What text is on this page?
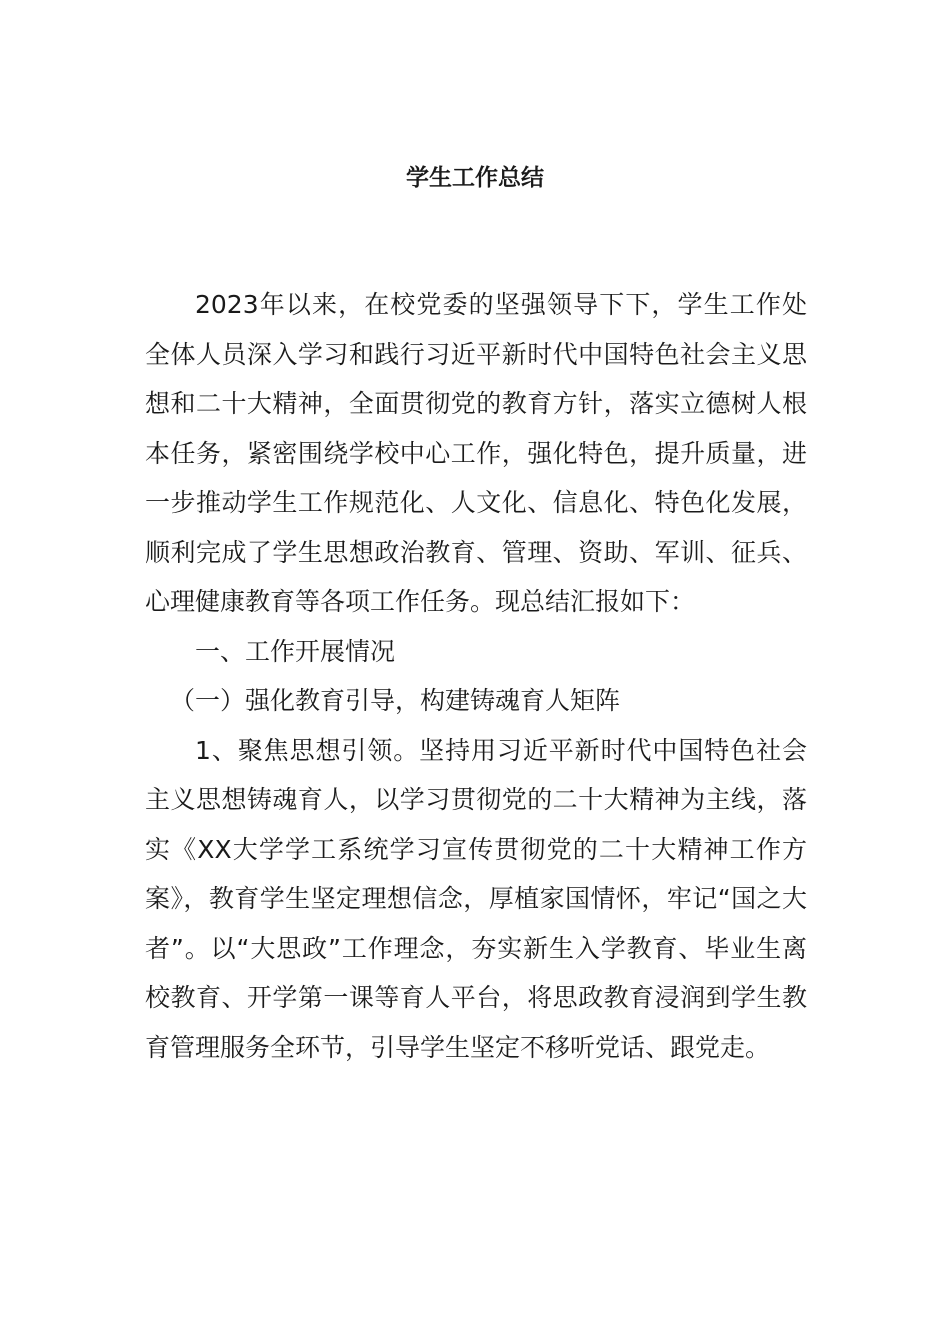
学生工作总结

2023年以来，在校党委的坚强领导下下，学生工作处全体人员深入学习和践行习近平新时代中国特色社会主义思想和二十大精神，全面贯彻党的教育方针，落实立德树人根本任务，紧密围绕学校中心工作，强化特色，提升质量，进一步推动学生工作规范化、人文化、信息化、特色化发展，顺利完成了学生思想政治教育、管理、资助、军训、征兵、心理健康教育等各项工作任务。现总结汇报如下：

一、工作开展情况

（一）强化教育引导，构建铸魂育人矩阵

1、聚焦思想引领。坚持用习近平新时代中国特色社会主义思想铸魂育人，以学习贯彻党的二十大精神为主线，落实《XX大学学工系统学习宣传贯彻党的二十大精神工作方案》，教育学生坚定理想信念，厚植家国情怀，牢记“国之大者”。以“大思政”工作理念，夯实新生入学教育、毕业生离校教育、开学第一课等育人平台，将思政教育浸润到学生教育管理服务全环节，引导学生坚定不移听党话、跟党走。
